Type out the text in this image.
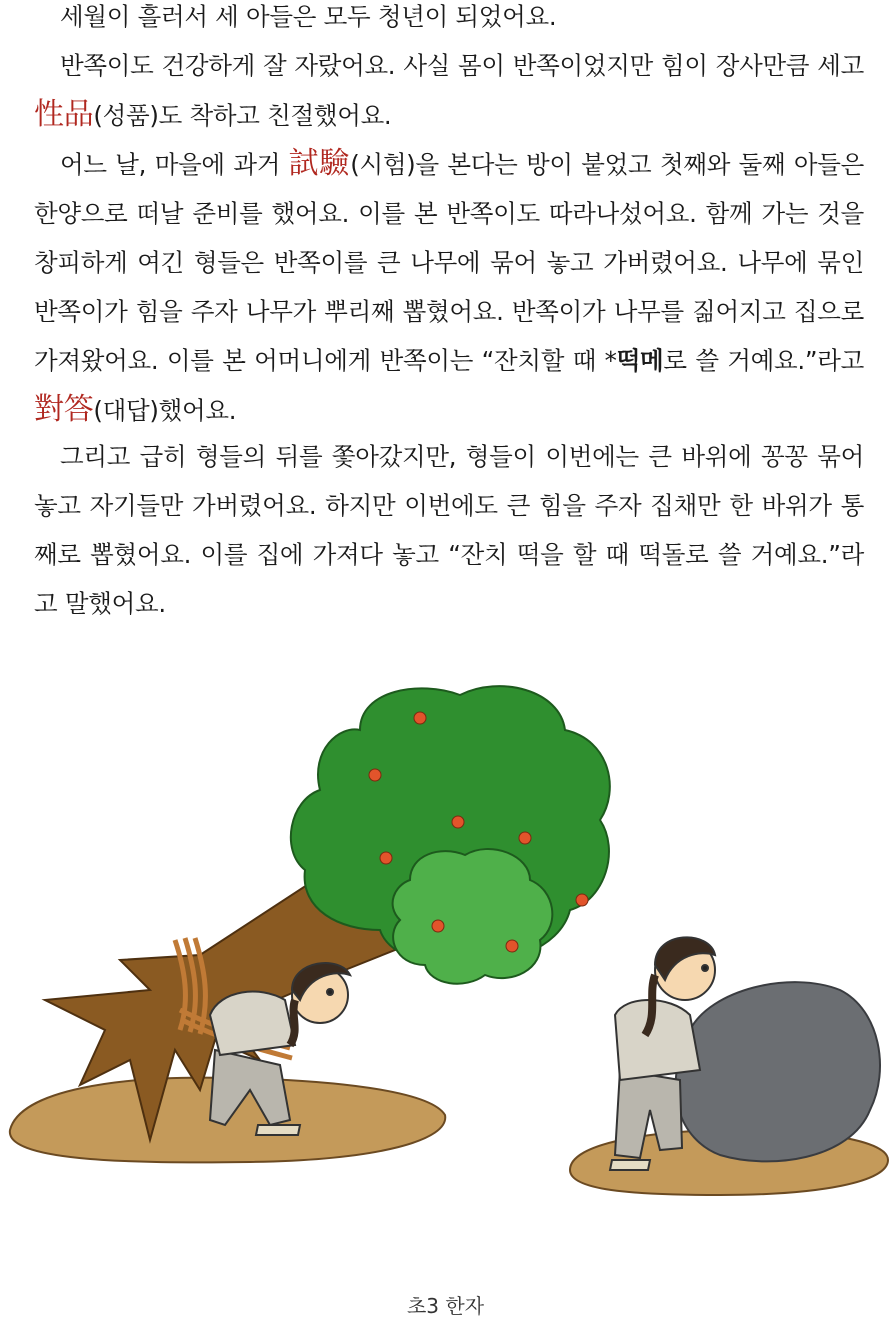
세월이 흘러서 세 아들은 모두 청년이 되었어요.

반쪽이도 건강하게 잘 자랐어요. 사실 몸이 반쪽이었지만 힘이 장사만큼 세고 性品(성품)도 착하고 친절했어요.

어느 날, 마을에 과거 試驗(시험)을 본다는 방이 붙었고 첫째와 둘째 아들은 한양으로 떠날 준비를 했어요. 이를 본 반쪽이도 따라나섰어요. 함께 가는 것을 창피하게 여긴 형들은 반쪽이를 큰 나무에 묶어 놓고 가버렸어요. 나무에 묶인 반쪽이가 힘을 주자 나무가 뿌리째 뽑혔어요. 반쪽이가 나무를 짊어지고 집으로 가져왔어요. 이를 본 어머니에게 반쪽이는 “잔치할 때 *떡메로 쓸 거예요.”라고 對答(대답)했어요.

그리고 급히 형들의 뒤를 쫓아갔지만, 형들이 이번에는 큰 바위에 꽁꽁 묶어 놓고 자기들만 가버렸어요. 하지만 이번에도 큰 힘을 주자 집채만 한 바위가 통째로 뽑혔어요. 이를 집에 가져다 놓고 “잔치 떡을 할 때 떡돌로 쓸 거예요.”라고 말했어요.

초3 한자
